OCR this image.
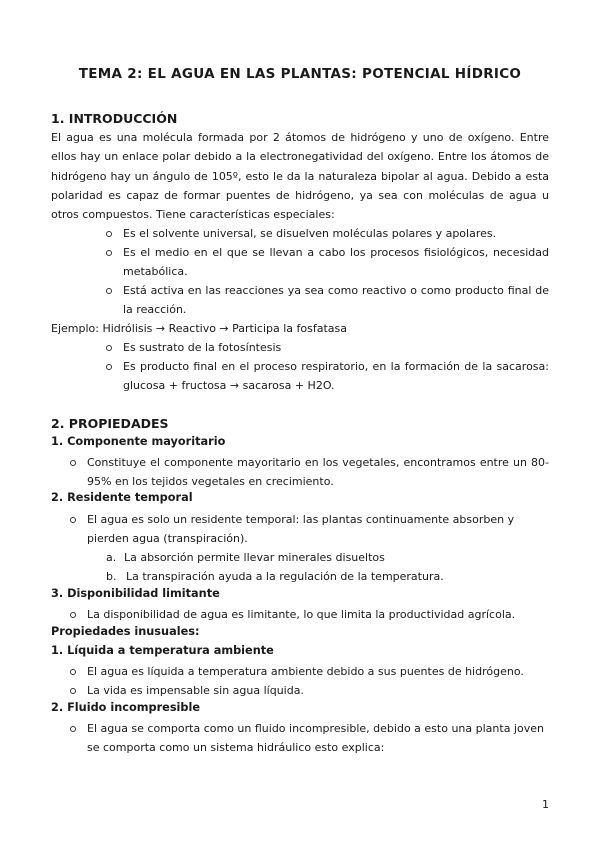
TEMA 2: EL AGUA EN LAS PLANTAS: POTENCIAL HÍDRICO
1. INTRODUCCIÓN
El agua es una molécula formada por 2 átomos de hidrógeno y uno de oxígeno. Entre ellos hay un enlace polar debido a la electronegatividad del oxígeno. Entre los átomos de hidrógeno hay un ángulo de 105º, esto le da la naturaleza bipolar al agua. Debido a esta polaridad es capaz de formar puentes de hidrógeno, ya sea con moléculas de agua u otros compuestos. Tiene características especiales:
Es el solvente universal, se disuelven moléculas polares y apolares.
Es el medio en el que se llevan a cabo los procesos fisiológicos, necesidad metabólica.
Está activa en las reacciones ya sea como reactivo o como producto final de la reacción.
Ejemplo: Hidrólisis → Reactivo → Participa la fosfatasa
Es sustrato de la fotosíntesis
Es producto final en el proceso respiratorio, en la formación de la sacarosa: glucosa + fructosa → sacarosa + H2O.
2. PROPIEDADES
1. Componente mayoritario
Constituye el componente mayoritario en los vegetales, encontramos entre un 80-95% en los tejidos vegetales en crecimiento.
2. Residente temporal
El agua es solo un residente temporal: las plantas continuamente absorben y pierden agua (transpiración).
a. La absorción permite llevar minerales disueltos
b. La transpiración ayuda a la regulación de la temperatura.
3. Disponibilidad limitante
La disponibilidad de agua es limitante, lo que limita la productividad agrícola.
Propiedades inusuales:
1. Líquida a temperatura ambiente
El agua es líquida a temperatura ambiente debido a sus puentes de hidrógeno.
La vida es impensable sin agua líquida.
2. Fluido incompresible
El agua se comporta como un fluido incompresible, debido a esto una planta joven se comporta como un sistema hidráulico esto explica:
1
